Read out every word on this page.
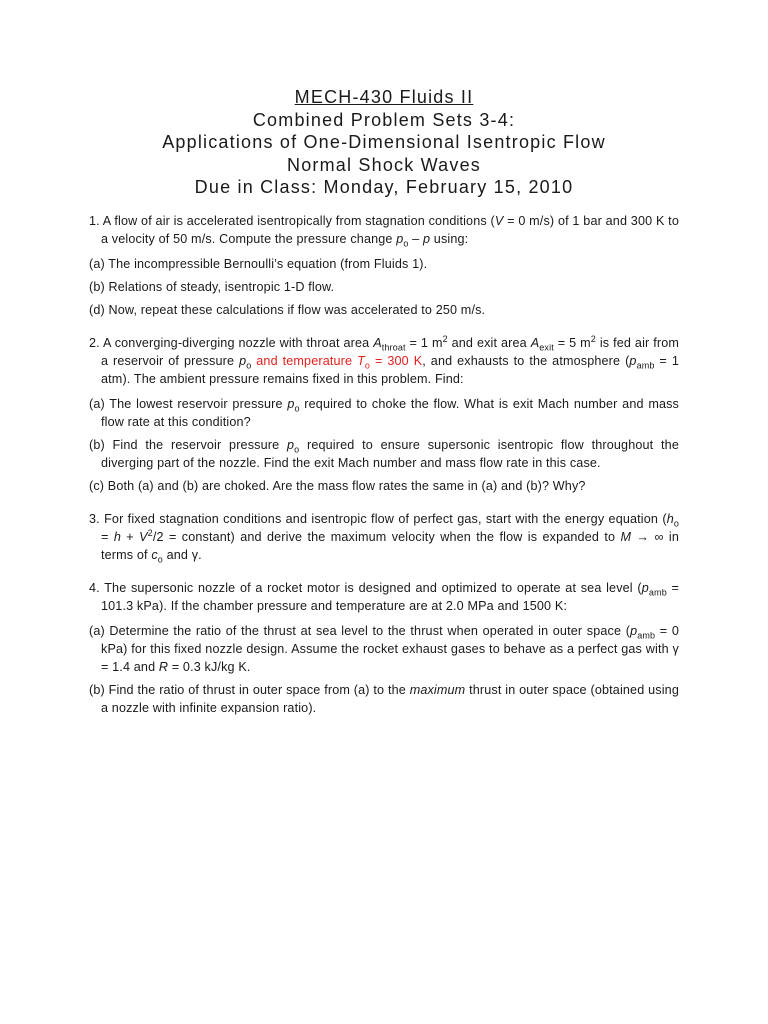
MECH-430 Fluids II
Combined Problem Sets 3-4:
Applications of One-Dimensional Isentropic Flow
Normal Shock Waves
Due in Class: Monday, February 15, 2010

1. A flow of air is accelerated isentropically from stagnation conditions (V = 0 m/s) of 1 bar and 300 K to a velocity of 50 m/s. Compute the pressure change $p_o$ – p using:

(a) The incompressible Bernoulli’s equation (from Fluids 1).

(b) Relations of steady, isentropic 1-D flow.

(d) Now, repeat these calculations if flow was accelerated to 250 m/s.

2. A converging-diverging nozzle with throat area $A_{throat} = 1$ $m^2$ and exit area $A_{exit} = 5$ $m^2$ is fed air from a reservoir of pressure $p_o$ and temperature $T_o = 300$ K, and exhausts to the atmosphere ($p_{amb} = 1$ atm). The ambient pressure remains fixed in this problem. Find:

(a) The lowest reservoir pressure $p_o$ required to choke the flow. What is exit Mach number and mass flow rate at this condition?

(b) Find the reservoir pressure $p_o$ required to ensure supersonic isentropic flow throughout the diverging part of the nozzle. Find the exit Mach number and mass flow rate in this case.

(c) Both (a) and (b) are choked. Are the mass flow rates the same in (a) and (b)? Why?

3. For fixed stagnation conditions and isentropic flow of perfect gas, start with the energy equation ($h_o = h + V^2/2$ = constant) and derive the maximum velocity when the flow is expanded to M → ∞ in terms of $c_o$ and γ.

4. The supersonic nozzle of a rocket motor is designed and optimized to operate at sea level ($p_{amb} = 101.3$ kPa). If the chamber pressure and temperature are at 2.0 MPa and 1500 K:

(a) Determine the ratio of the thrust at sea level to the thrust when operated in outer space ($p_{amb} = 0$ kPa) for this fixed nozzle design. Assume the rocket exhaust gases to behave as a perfect gas with γ = 1.4 and R = 0.3 kJ/kg K.

(b) Find the ratio of thrust in outer space from (a) to the maximum thrust in outer space (obtained using a nozzle with infinite expansion ratio).
